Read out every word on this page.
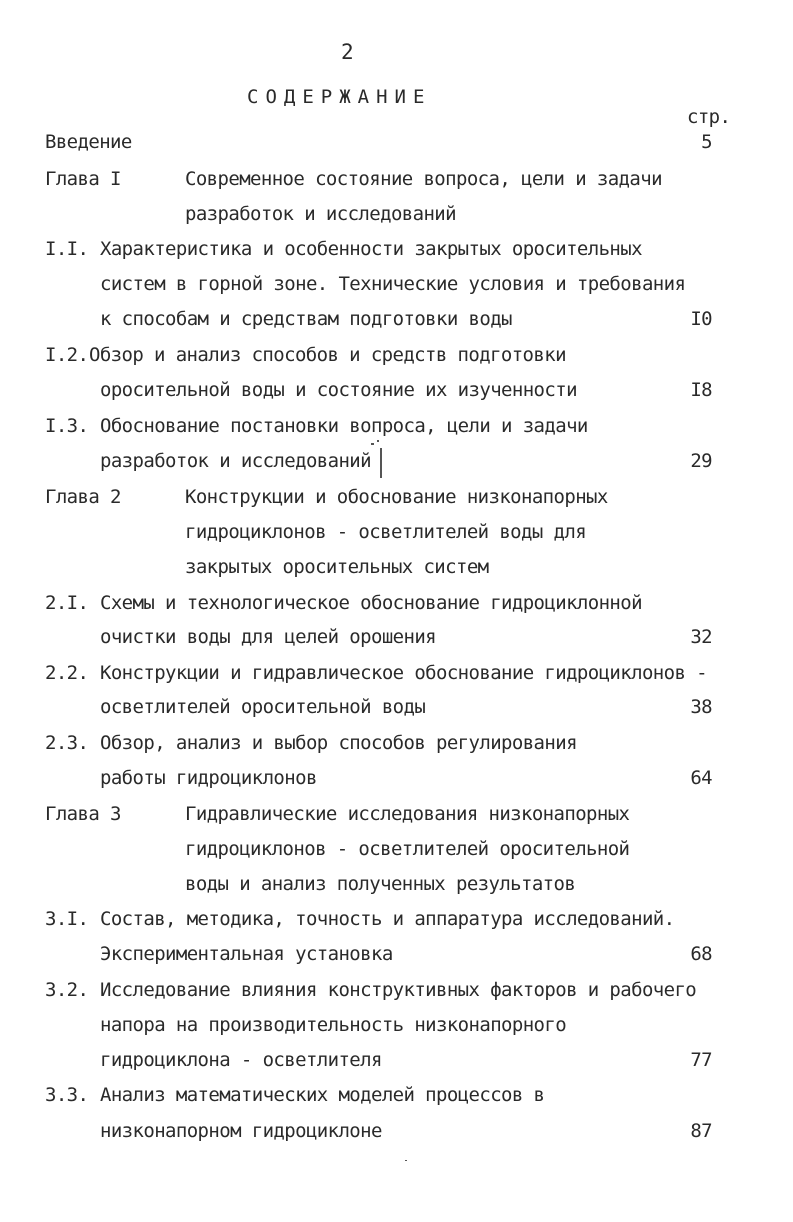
2
СОДЕРЖАНИЕ
стр.
Введение	5
Глава I	Современное состояние вопроса, цели и задачи
разработок и исследований
I.I. Характеристика и особенности закрытых оросительных
систем в горной зоне. Технические условия и требования
к способам и средствам подготовки воды	I0
I.2. Обзор и анализ способов и средств подготовки
оросительной воды и состояние их изученности	I8
I.3. Обоснование постановки вопроса, цели и задачи
разработок и исследований	29
Глава 2	Конструкции и обоснование низконапорных
гидроциклонов - осветлителей воды для
закрытых оросительных систем
2.I. Схемы и технологическое обоснование гидроциклонной
очистки воды для целей орошения	32
2.2. Конструкции и гидравлическое обоснование гидроциклонов -
осветлителей оросительной воды	38
2.3. Обзор, анализ и выбор способов регулирования
работы гидроциклонов	64
Глава 3	Гидравлические исследования низконапорных
гидроциклонов - осветлителей оросительной
воды и анализ полученных результатов
3.I. Состав, методика, точность и аппаратура исследований.
Экспериментальная установка	68
3.2. Исследование влияния конструктивных факторов и рабочего
напора на производительность низконапорного
гидроциклона - осветлителя	77
3.3. Анализ математических моделей процессов в
низконапорном гидроциклоне	87
